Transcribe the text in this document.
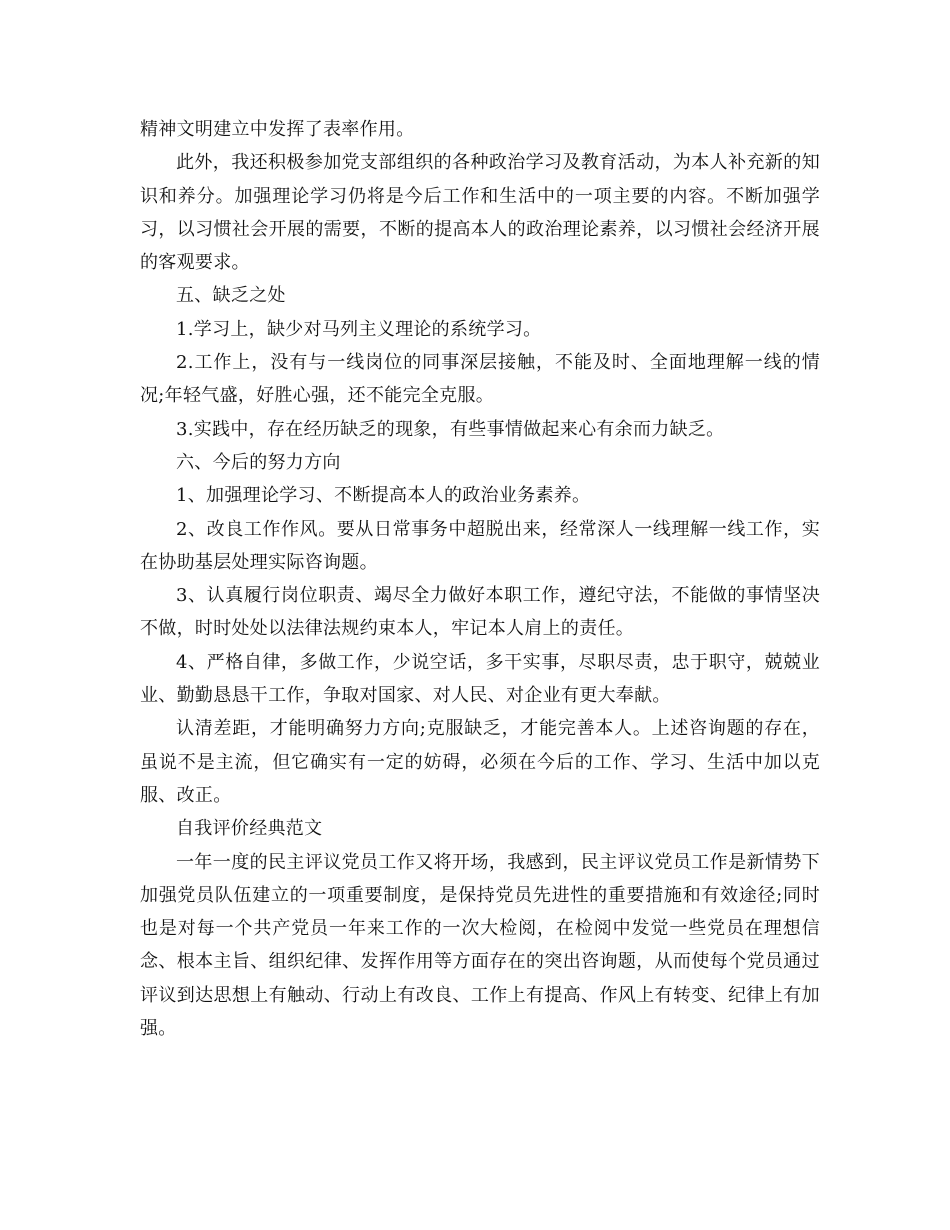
精神文明建立中发挥了表率作用。

此外，我还积极参加党支部组织的各种政治学习及教育活动，为本人补充新的知识和养分。加强理论学习仍将是今后工作和生活中的一项主要的内容。不断加强学习，以习惯社会开展的需要，不断的提高本人的政治理论素养，以习惯社会经济开展的客观要求。

五、缺乏之处

1.学习上，缺少对马列主义理论的系统学习。

2.工作上，没有与一线岗位的同事深层接触，不能及时、全面地理解一线的情况;年轻气盛，好胜心强，还不能完全克服。

3.实践中，存在经历缺乏的现象，有些事情做起来心有余而力缺乏。

六、今后的努力方向

1、加强理论学习、不断提高本人的政治业务素养。

2、改良工作作风。要从日常事务中超脱出来，经常深人一线理解一线工作，实在协助基层处理实际咨询题。

3、认真履行岗位职责、竭尽全力做好本职工作，遵纪守法，不能做的事情坚决不做，时时处处以法律法规约束本人，牢记本人肩上的责任。

4、严格自律，多做工作，少说空话，多干实事，尽职尽责，忠于职守，兢兢业业、勤勤恳恳干工作，争取对国家、对人民、对企业有更大奉献。

认清差距，才能明确努力方向;克服缺乏，才能完善本人。上述咨询题的存在，虽说不是主流，但它确实有一定的妨碍，必须在今后的工作、学习、生活中加以克服、改正。

自我评价经典范文

一年一度的民主评议党员工作又将开场，我感到，民主评议党员工作是新情势下加强党员队伍建立的一项重要制度，是保持党员先进性的重要措施和有效途径;同时也是对每一个共产党员一年来工作的一次大检阅，在检阅中发觉一些党员在理想信念、根本主旨、组织纪律、发挥作用等方面存在的突出咨询题，从而使每个党员通过评议到达思想上有触动、行动上有改良、工作上有提高、作风上有转变、纪律上有加强。
